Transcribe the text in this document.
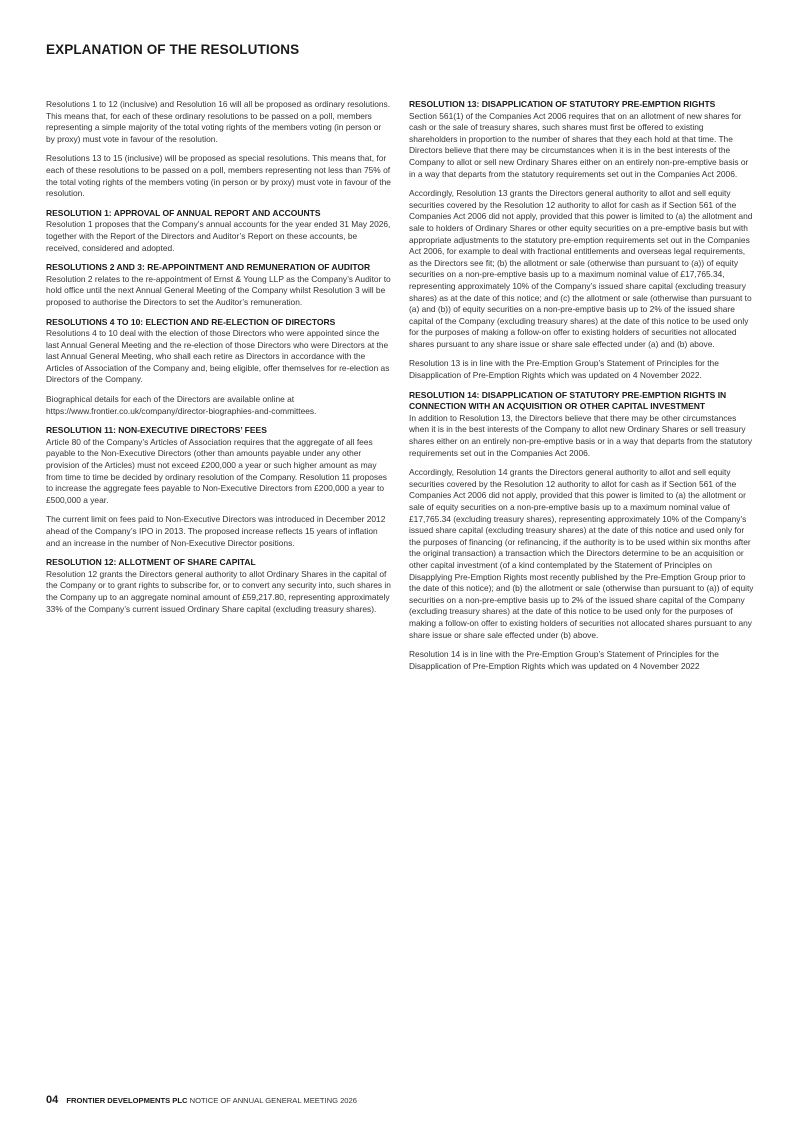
EXPLANATION OF THE RESOLUTIONS

Resolutions 1 to 12 (inclusive) and Resolution 16 will all be proposed as ordinary resolutions. This means that, for each of these ordinary resolutions to be passed on a poll, members representing a simple majority of the total voting rights of the members voting (in person or by proxy) must vote in favour of the resolution.

Resolutions 13 to 15 (inclusive) will be proposed as special resolutions. This means that, for each of these resolutions to be passed on a poll, members representing not less than 75% of the total voting rights of the members voting (in person or by proxy) must vote in favour of the resolution.

RESOLUTION 1: APPROVAL OF ANNUAL REPORT AND ACCOUNTS

Resolution 1 proposes that the Company’s annual accounts for the year ended 31 May 2026, together with the Report of the Directors and Auditor’s Report on these accounts, be received, considered and adopted.

RESOLUTIONS 2 AND 3: RE-APPOINTMENT AND REMUNERATION OF AUDITOR

Resolution 2 relates to the re-appointment of Ernst & Young LLP as the Company’s Auditor to hold office until the next Annual General Meeting of the Company whilst Resolution 3 will be proposed to authorise the Directors to set the Auditor’s remuneration.

RESOLUTIONS 4 TO 10: ELECTION AND RE-ELECTION OF DIRECTORS

Resolutions 4 to 10 deal with the election of those Directors who were appointed since the last Annual General Meeting and the re-election of those Directors who were Directors at the last Annual General Meeting, who shall each retire as Directors in accordance with the Articles of Association of the Company and, being eligible, offer themselves for re-election as Directors of the Company.

Biographical details for each of the Directors are available online at https://www.frontier.co.uk/company/director-biographies-and-committees.

RESOLUTION 11: NON-EXECUTIVE DIRECTORS’ FEES

Article 80 of the Company’s Articles of Association requires that the aggregate of all fees payable to the Non-Executive Directors (other than amounts payable under any other provision of the Articles) must not exceed £200,000 a year or such higher amount as may from time to time be decided by ordinary resolution of the Company. Resolution 11 proposes to increase the aggregate fees payable to Non-Executive Directors from £200,000 a year to £500,000 a year.

The current limit on fees paid to Non-Executive Directors was introduced in December 2012 ahead of the Company’s IPO in 2013. The proposed increase reflects 15 years of inflation and an increase in the number of Non-Executive Director positions.

RESOLUTION 12: ALLOTMENT OF SHARE CAPITAL

Resolution 12 grants the Directors general authority to allot Ordinary Shares in the capital of the Company or to grant rights to subscribe for, or to convert any security into, such shares in the Company up to an aggregate nominal amount of £59,217.80, representing approximately 33% of the Company’s current issued Ordinary Share capital (excluding treasury shares).

RESOLUTION 13: DISAPPLICATION OF STATUTORY PRE-EMPTION RIGHTS

Section 561(1) of the Companies Act 2006 requires that on an allotment of new shares for cash or the sale of treasury shares, such shares must first be offered to existing shareholders in proportion to the number of shares that they each hold at that time. The Directors believe that there may be circumstances when it is in the best interests of the Company to allot or sell new Ordinary Shares either on an entirely non-pre-emptive basis or in a way that departs from the statutory requirements set out in the Companies Act 2006.

Accordingly, Resolution 13 grants the Directors general authority to allot and sell equity securities covered by the Resolution 12 authority to allot for cash as if Section 561 of the Companies Act 2006 did not apply, provided that this power is limited to (a) the allotment and sale to holders of Ordinary Shares or other equity securities on a pre-emptive basis but with appropriate adjustments to the statutory pre-emption requirements set out in the Companies Act 2006, for example to deal with fractional entitlements and overseas legal requirements, as the Directors see fit; (b) the allotment or sale (otherwise than pursuant to (a)) of equity securities on a non-pre-emptive basis up to a maximum nominal value of £17,765.34, representing approximately 10% of the Company’s issued share capital (excluding treasury shares) as at the date of this notice; and (c) the allotment or sale (otherwise than pursuant to (a) and (b)) of equity securities on a non-pre-emptive basis up to 2% of the issued share capital of the Company (excluding treasury shares) at the date of this notice to be used only for the purposes of making a follow-on offer to existing holders of securities not allocated shares pursuant to any share issue or share sale effected under (a) and (b) above.

Resolution 13 is in line with the Pre-Emption Group’s Statement of Principles for the Disapplication of Pre-Emption Rights which was updated on 4 November 2022.

RESOLUTION 14: DISAPPLICATION OF STATUTORY PRE-EMPTION RIGHTS IN CONNECTION WITH AN ACQUISITION OR OTHER CAPITAL INVESTMENT

In addition to Resolution 13, the Directors believe that there may be other circumstances when it is in the best interests of the Company to allot new Ordinary Shares or sell treasury shares either on an entirely non-pre-emptive basis or in a way that departs from the statutory requirements set out in the Companies Act 2006.

Accordingly, Resolution 14 grants the Directors general authority to allot and sell equity securities covered by the Resolution 12 authority to allot for cash as if Section 561 of the Companies Act 2006 did not apply, provided that this power is limited to (a) the allotment or sale of equity securities on a non-pre-emptive basis up to a maximum nominal value of £17,765.34 (excluding treasury shares), representing approximately 10% of the Company’s issued share capital (excluding treasury shares) at the date of this notice and used only for the purposes of financing (or refinancing, if the authority is to be used within six months after the original transaction) a transaction which the Directors determine to be an acquisition or other capital investment (of a kind contemplated by the Statement of Principles on Disapplying Pre-Emption Rights most recently published by the Pre-Emption Group prior to the date of this notice); and (b) the allotment or sale (otherwise than pursuant to (a)) of equity securities on a non-pre-emptive basis up to 2% of the issued share capital of the Company (excluding treasury shares) at the date of this notice to be used only for the purposes of making a follow-on offer to existing holders of securities not allocated shares pursuant to any share issue or share sale effected under (b) above.

Resolution 14 is in line with the Pre-Emption Group’s Statement of Principles for the Disapplication of Pre-Emption Rights which was updated on 4 November 2022

04 FRONTIER DEVELOPMENTS PLC NOTICE OF ANNUAL GENERAL MEETING 2026
